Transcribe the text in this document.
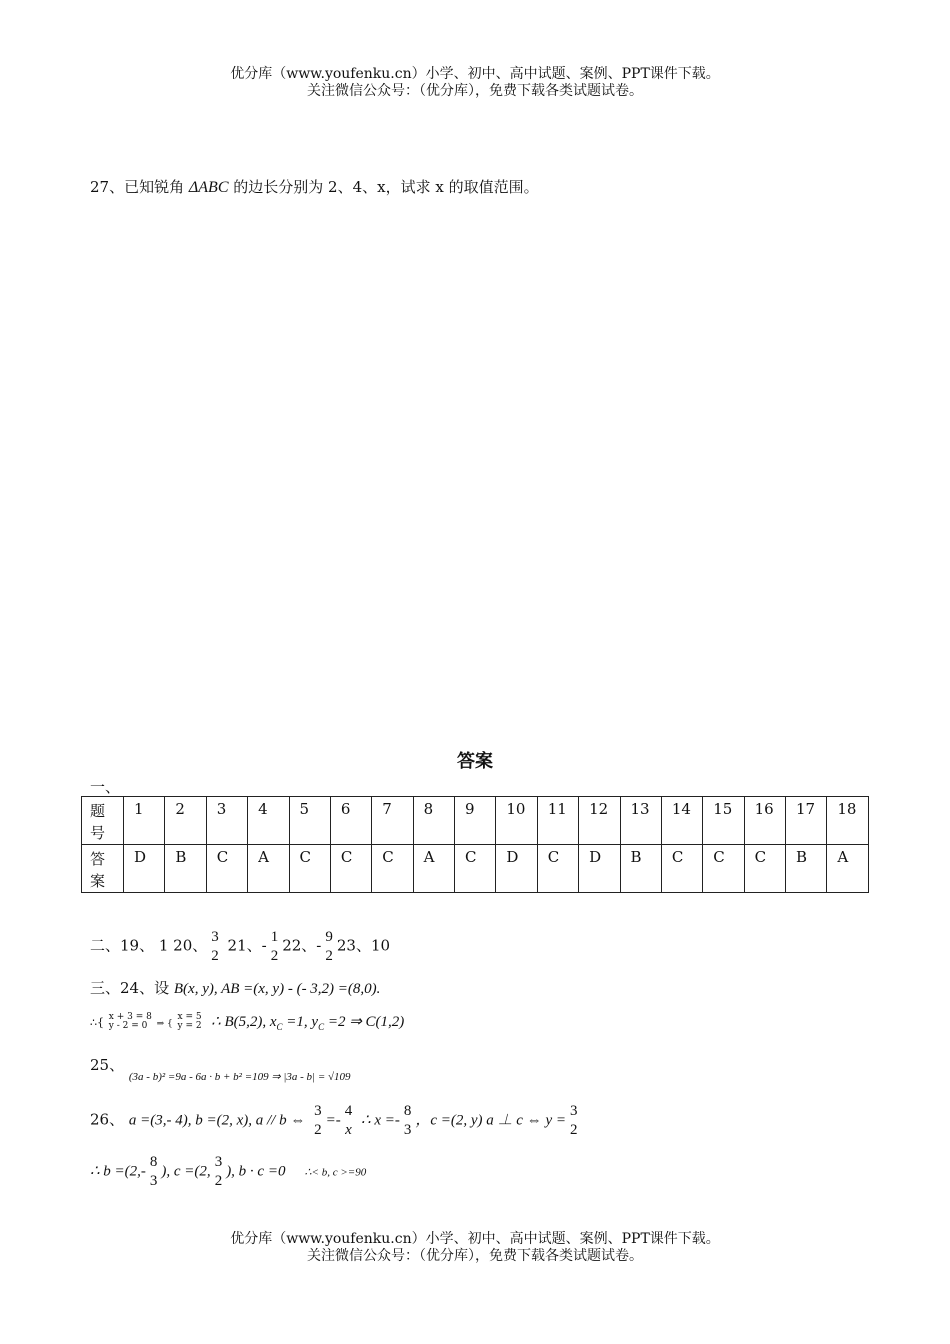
优分库（www.youfenku.cn）小学、初中、高中试题、案例、PPT课件下载。
关注微信公众号：（优分库），免费下载各类试题试卷。
27、已知锐角 ΔABC 的边长分别为 2、4、x，试求 x 的取值范围。
答案
一、
题
号	1	2	3	4	5	6	7	8	9	10	11	12	13	14	15	16	17	18
答
案	D	B	C	A	C	C	C	A	C	D	C	D	B	C	C	C	B	A
二、19、 1 20、 3
2
21、- 1
2
22、- 9
2
23、10
三、24、设 B(x, y), AB =(x, y) - (- 3,2) =(8,0).
∴{ x + 3 = 8
y - 2 = 0 ⇒ { x = 5
y = 2 ∴ B(5,2), $x_C =1$, $y_C =2$ ⇒ C(1,2)
25、 $_{(3a - b)^2 =9a - 6a \cdot b + b^2 =109 \Rightarrow |3a - b| = √109}$
26、 a =(3,- 4), b =(2, x), a // b ⇔
3
2
=-
4
x
∴ x =-
8
3
，c =(2, y) a ⊥ c ⇔ y =
3
2
∴ b =(2,-
8
3
), c =(2,
3
2
), b · c =0 ∴< b, c >=90
优分库（www.youfenku.cn）小学、初中、高中试题、案例、PPT课件下载。
关注微信公众号：（优分库），免费下载各类试题试卷。
